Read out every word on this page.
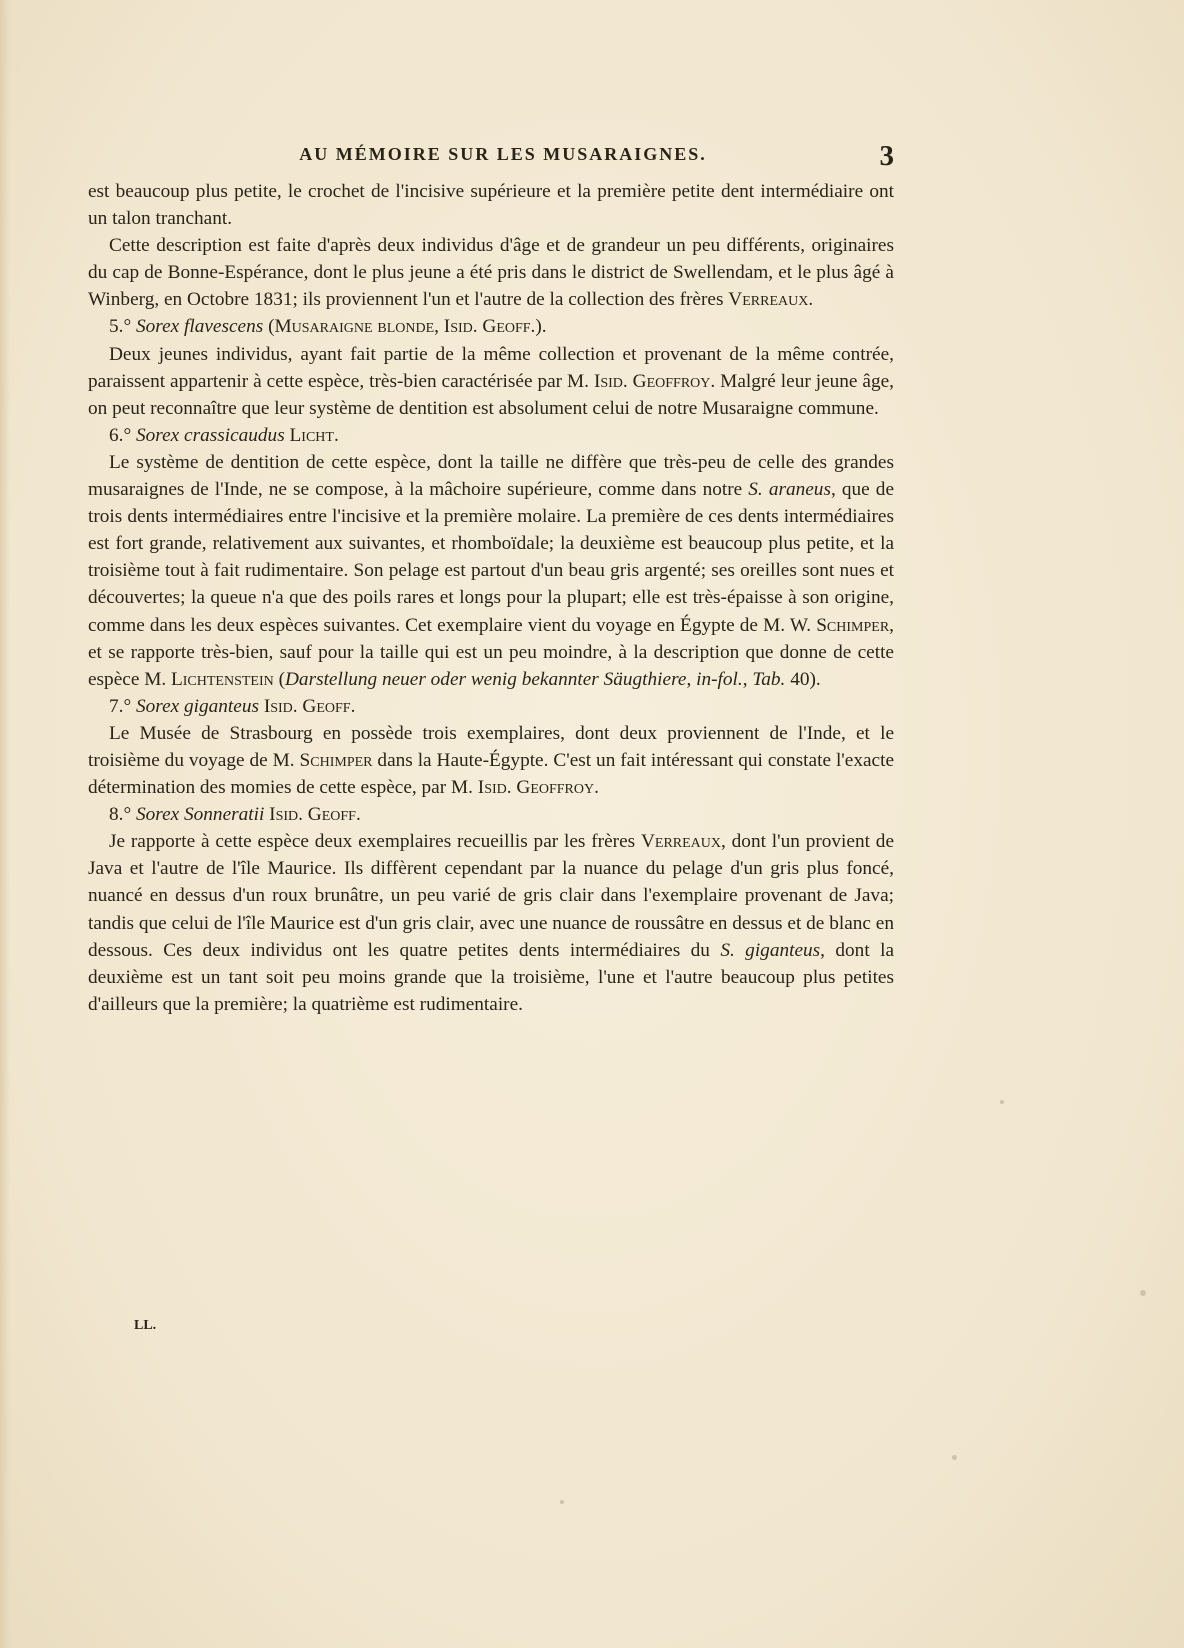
AU MÉMOIRE SUR LES MUSARAIGNES.	3

est beaucoup plus petite, le crochet de l'incisive supérieure et la première petite dent intermédiaire ont un talon tranchant.

Cette description est faite d'après deux individus d'âge et de grandeur un peu différents, originaires du cap de Bonne-Espérance, dont le plus jeune a été pris dans le district de Swellendam, et le plus âgé à Winberg, en Octobre 1831; ils proviennent l'un et l'autre de la collection des frères Verreaux.

5.° Sorex flavescens (Musaraigne blonde, Isid. Geoff.).

Deux jeunes individus, ayant fait partie de la même collection et provenant de la même contrée, paraissent appartenir à cette espèce, très-bien caractérisée par M. Isid. Geoffroy. Malgré leur jeune âge, on peut reconnaître que leur système de dentition est absolument celui de notre Musaraigne commune.

6.° Sorex crassicaudus Licht.

Le système de dentition de cette espèce, dont la taille ne diffère que très-peu de celle des grandes musaraignes de l'Inde, ne se compose, à la mâchoire supérieure, comme dans notre S. araneus, que de trois dents intermédiaires entre l'incisive et la première molaire. La première de ces dents intermédiaires est fort grande, relativement aux suivantes, et rhomboïdale; la deuxième est beaucoup plus petite, et la troisième tout à fait rudimentaire. Son pelage est partout d'un beau gris argenté; ses oreilles sont nues et découvertes; la queue n'a que des poils rares et longs pour la plupart; elle est très-épaisse à son origine, comme dans les deux espèces suivantes. Cet exemplaire vient du voyage en Égypte de M. W. Schimper, et se rapporte très-bien, sauf pour la taille qui est un peu moindre, à la description que donne de cette espèce M. Lichtenstein (Darstellung neuer oder wenig bekannter Säugthiere, in-fol., Tab. 40).

7.° Sorex giganteus Isid. Geoff.

Le Musée de Strasbourg en possède trois exemplaires, dont deux proviennent de l'Inde, et le troisième du voyage de M. Schimper dans la Haute-Égypte. C'est un fait intéressant qui constate l'exacte détermination des momies de cette espèce, par M. Isid. Geoffroy.

8.° Sorex Sonneratii Isid. Geoff.

Je rapporte à cette espèce deux exemplaires recueillis par les frères Verreaux, dont l'un provient de Java et l'autre de l'île Maurice. Ils diffèrent cependant par la nuance du pelage d'un gris plus foncé, nuancé en dessus d'un roux brunâtre, un peu varié de gris clair dans l'exemplaire provenant de Java; tandis que celui de l'île Maurice est d'un gris clair, avec une nuance de roussâtre en dessus et de blanc en dessous. Ces deux individus ont les quatre petites dents intermédiaires du S. giganteus, dont la deuxième est un tant soit peu moins grande que la troisième, l'une et l'autre beaucoup plus petites d'ailleurs que la première; la quatrième est rudimentaire.

LL.
